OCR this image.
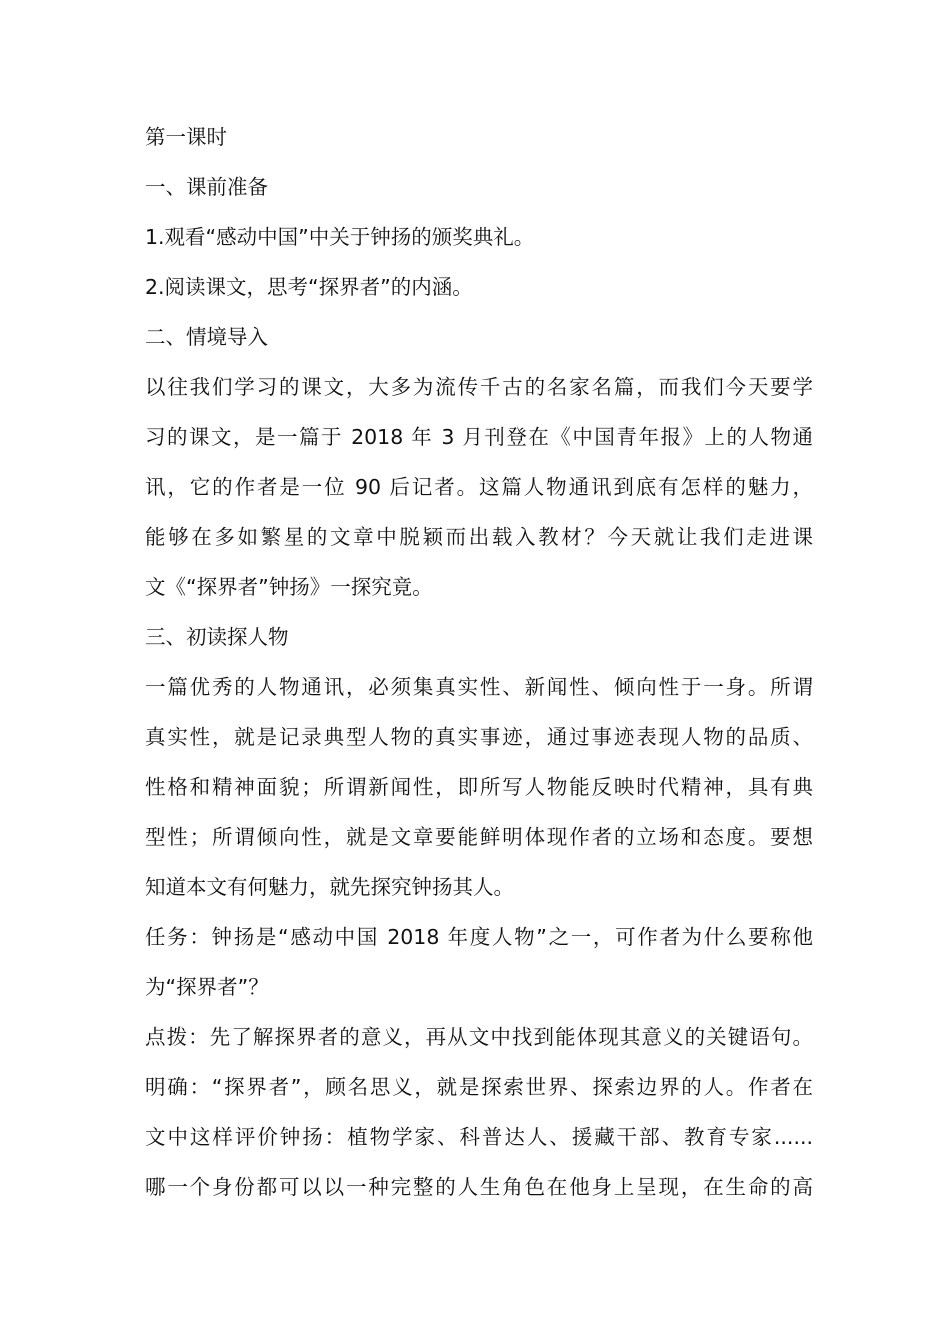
第一课时
一、课前准备
1.观看“感动中国”中关于钟扬的颁奖典礼。
2.阅读课文，思考“探界者”的内涵。
二、情境导入
以往我们学习的课文，大多为流传千古的名家名篇，而我们今天要学
习的课文，是一篇于 2018 年 3 月刊登在《中国青年报》上的人物通
讯，它的作者是一位 90 后记者。这篇人物通讯到底有怎样的魅力，
能够在多如繁星的文章中脱颖而出载入教材？今天就让我们走进课
文《“探界者”钟扬》一探究竟。
三、初读探人物
一篇优秀的人物通讯，必须集真实性、新闻性、倾向性于一身。所谓
真实性，就是记录典型人物的真实事迹，通过事迹表现人物的品质、
性格和精神面貌；所谓新闻性，即所写人物能反映时代精神，具有典
型性；所谓倾向性，就是文章要能鲜明体现作者的立场和态度。要想
知道本文有何魅力，就先探究钟扬其人。
任务：钟扬是“感动中国 2018 年度人物”之一，可作者为什么要称他
为“探界者”？
点拨：先了解探界者的意义，再从文中找到能体现其意义的关键语句。
明确：“探界者”，顾名思义，就是探索世界、探索边界的人。作者在
文中这样评价钟扬：植物学家、科普达人、援藏干部、教育专家......
哪一个身份都可以以一种完整的人生角色在他身上呈现，在生命的高
